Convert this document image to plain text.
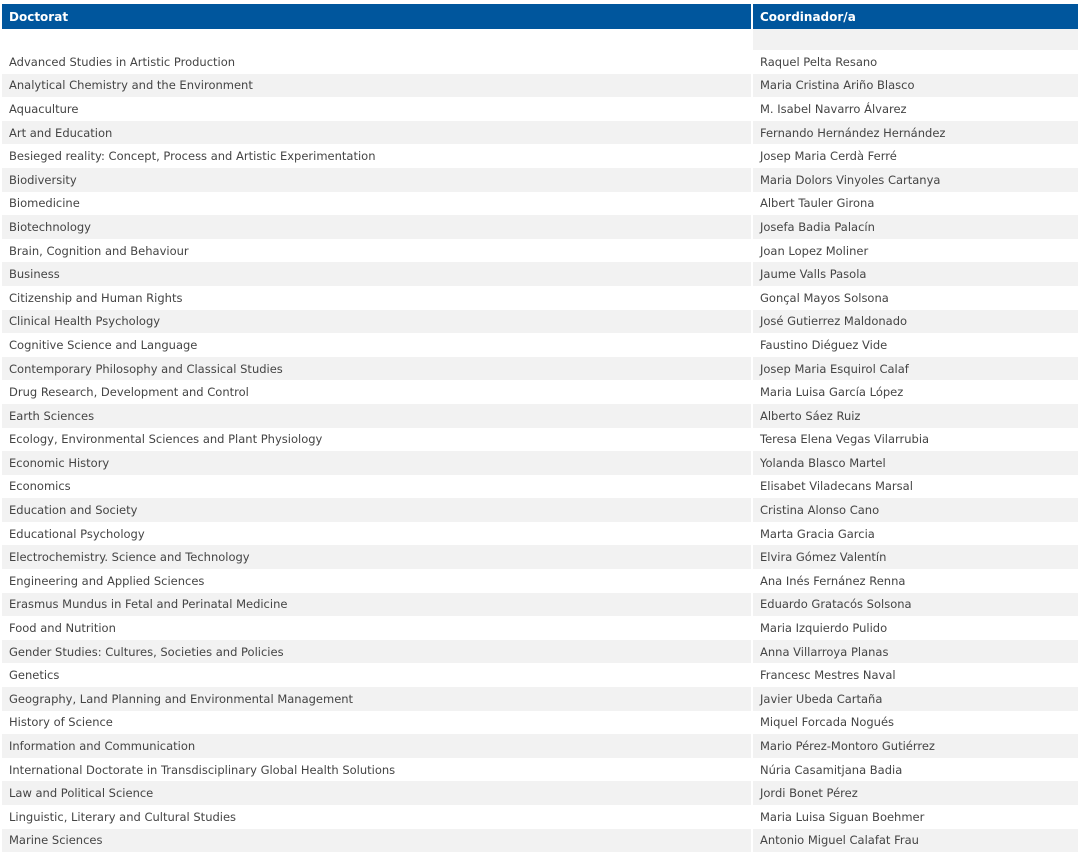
Doctorat	Coordinador/a

Advanced Studies in Artistic Production	Raquel Pelta Resano
Analytical Chemistry and the Environment	Maria Cristina Ariño Blasco
Aquaculture	M. Isabel Navarro Álvarez
Art and Education	Fernando Hernández Hernández
Besieged reality: Concept, Process and Artistic Experimentation	Josep Maria Cerdà Ferré
Biodiversity	Maria Dolors Vinyoles Cartanya
Biomedicine	Albert Tauler Girona
Biotechnology	Josefa Badia Palacín
Brain, Cognition and Behaviour	Joan Lopez Moliner
Business	Jaume Valls Pasola
Citizenship and Human Rights	Gonçal Mayos Solsona
Clinical Health Psychology	José Gutierrez Maldonado
Cognitive Science and Language	Faustino Diéguez Vide
Contemporary Philosophy and Classical Studies	Josep Maria Esquirol Calaf
Drug Research, Development and Control	Maria Luisa García López
Earth Sciences	Alberto Sáez Ruiz
Ecology, Environmental Sciences and Plant Physiology	Teresa Elena Vegas Vilarrubia
Economic History	Yolanda Blasco Martel
Economics	Elisabet Viladecans Marsal
Education and Society	Cristina Alonso Cano
Educational Psychology	Marta Gracia Garcia
Electrochemistry. Science and Technology	Elvira Gómez Valentín
Engineering and Applied Sciences	Ana Inés Fernánez Renna
Erasmus Mundus in Fetal and Perinatal Medicine	Eduardo Gratacós Solsona
Food and Nutrition	Maria Izquierdo Pulido
Gender Studies: Cultures, Societies and Policies	Anna Villarroya Planas
Genetics	Francesc Mestres Naval
Geography, Land Planning and Environmental Management	Javier Ubeda Cartaña
History of Science	Miquel Forcada Nogués
Information and Communication	Mario Pérez-Montoro Gutiérrez
International Doctorate in Transdisciplinary Global Health Solutions	Núria Casamitjana Badia
Law and Political Science	Jordi Bonet Pérez
Linguistic, Literary and Cultural Studies	Maria Luisa Siguan Boehmer
Marine Sciences	Antonio Miguel Calafat Frau
